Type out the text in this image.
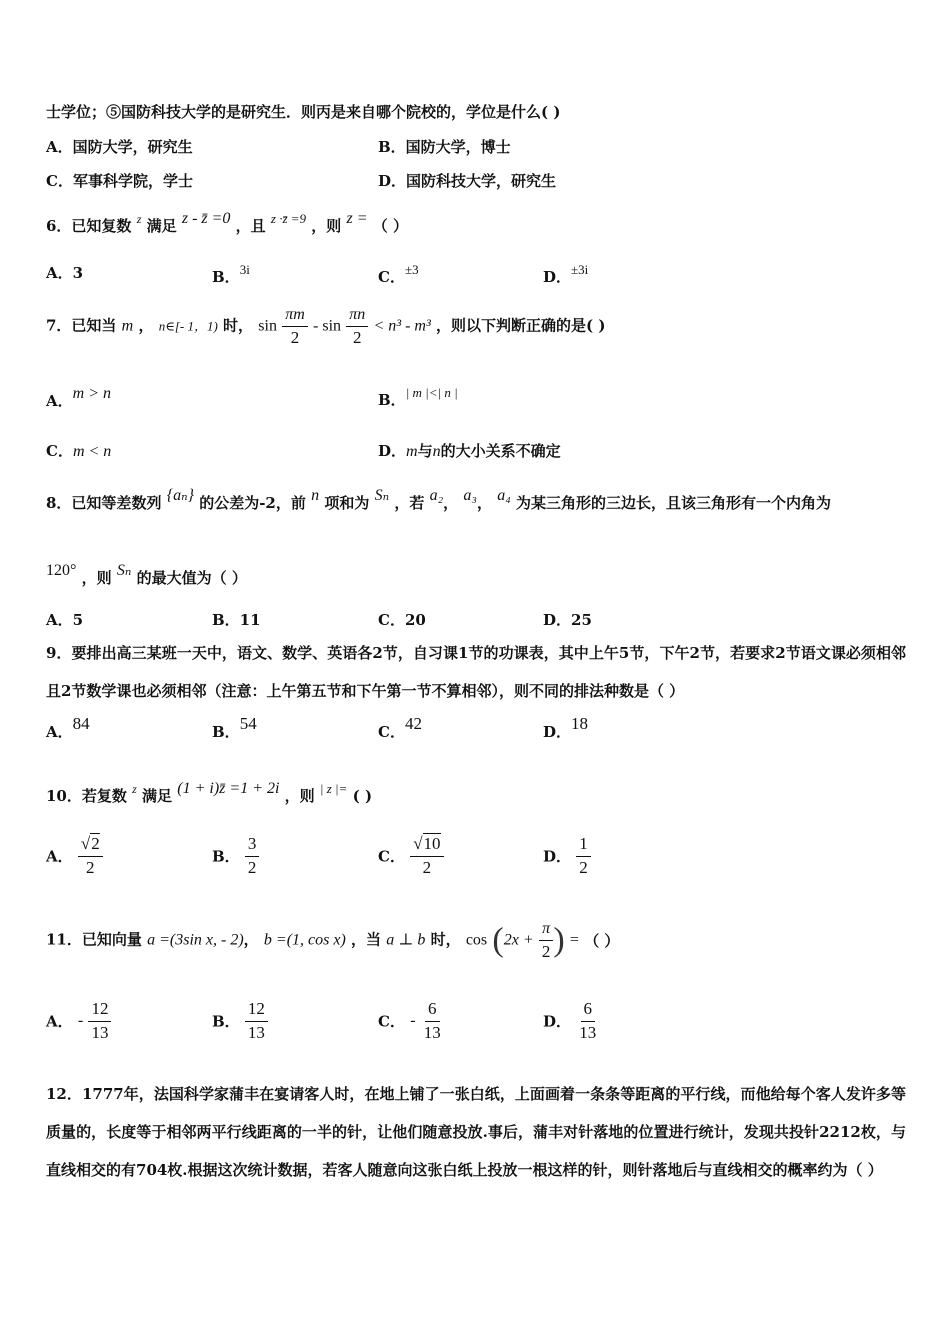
士学位；⑤国防科技大学的是研究生．则丙是来自哪个院校的，学位是什么( )
A．国防大学，研究生	B．国防大学，博士
C．军事科学院，学士	D．国防科技大学，研究生
6．已知复数 $^z$ 满足 z - z̄ =0 ，且 z ·z̄ =9 ，则 z = （ ）
A．3	B．3i	C．±3	D．±3i
7．已知当 m ， n∈[- 1，1) 时， $\sin \frac{\pi m}{2} - \sin \frac{\pi n}{2} < n^3 - m^3$ ，则以下判断正确的是( )
A．m > n	B．| m |<| n |
C．m < n	D．m与n的大小关系不确定
8．已知等差数列 {aₙ} 的公差为-2，前 n 项和为 Sₙ ，若 a₂， a₃， a₄ 为某三角形的三边长，且该三角形有一个内角为
120° ，则 Sₙ 的最大值为（ ）
A．5	B．11	C．20	D．25
9．要排出高三某班一天中，语文、数学、英语各2节，自习课1节的功课表，其中上午5节，下午2节，若要求2节语文课必须相邻且2节数学课也必须相邻（注意：上午第五节和下午第一节不算相邻），则不同的排法种数是（ ）
A．84	B．54	C．42	D．18
10．若复数 $^z$ 满足 (1 + i)z̄ =1 + 2i ，则 | z |= ( )
A． $\frac{√2}{2}$	B． $\frac{3}{2}$	C． $\frac{√10}{2}$	D． $\frac{1}{2}$
11．已知向量 a =(3sin x, - 2)， b =(1, cos x) ，当 a ⊥ b 时， $\cos (2x + \frac{\pi}{2}$ ) = （ ）
A． - $\frac{12}{13}$	B． $\frac{12}{13}$	C． - $\frac{6}{13}$	D． $\frac{6}{13}$
12．1777年，法国科学家蒲丰在宴请客人时，在地上铺了一张白纸，上面画着一条条等距离的平行线，而他给每个客人发许多等质量的，长度等于相邻两平行线距离的一半的针，让他们随意投放.事后，蒲丰对针落地的位置进行统计，发现共投针2212枚，与直线相交的有704枚.根据这次统计数据，若客人随意向这张白纸上投放一根这样的针，则针落地后与直线相交的概率约为（ ）
